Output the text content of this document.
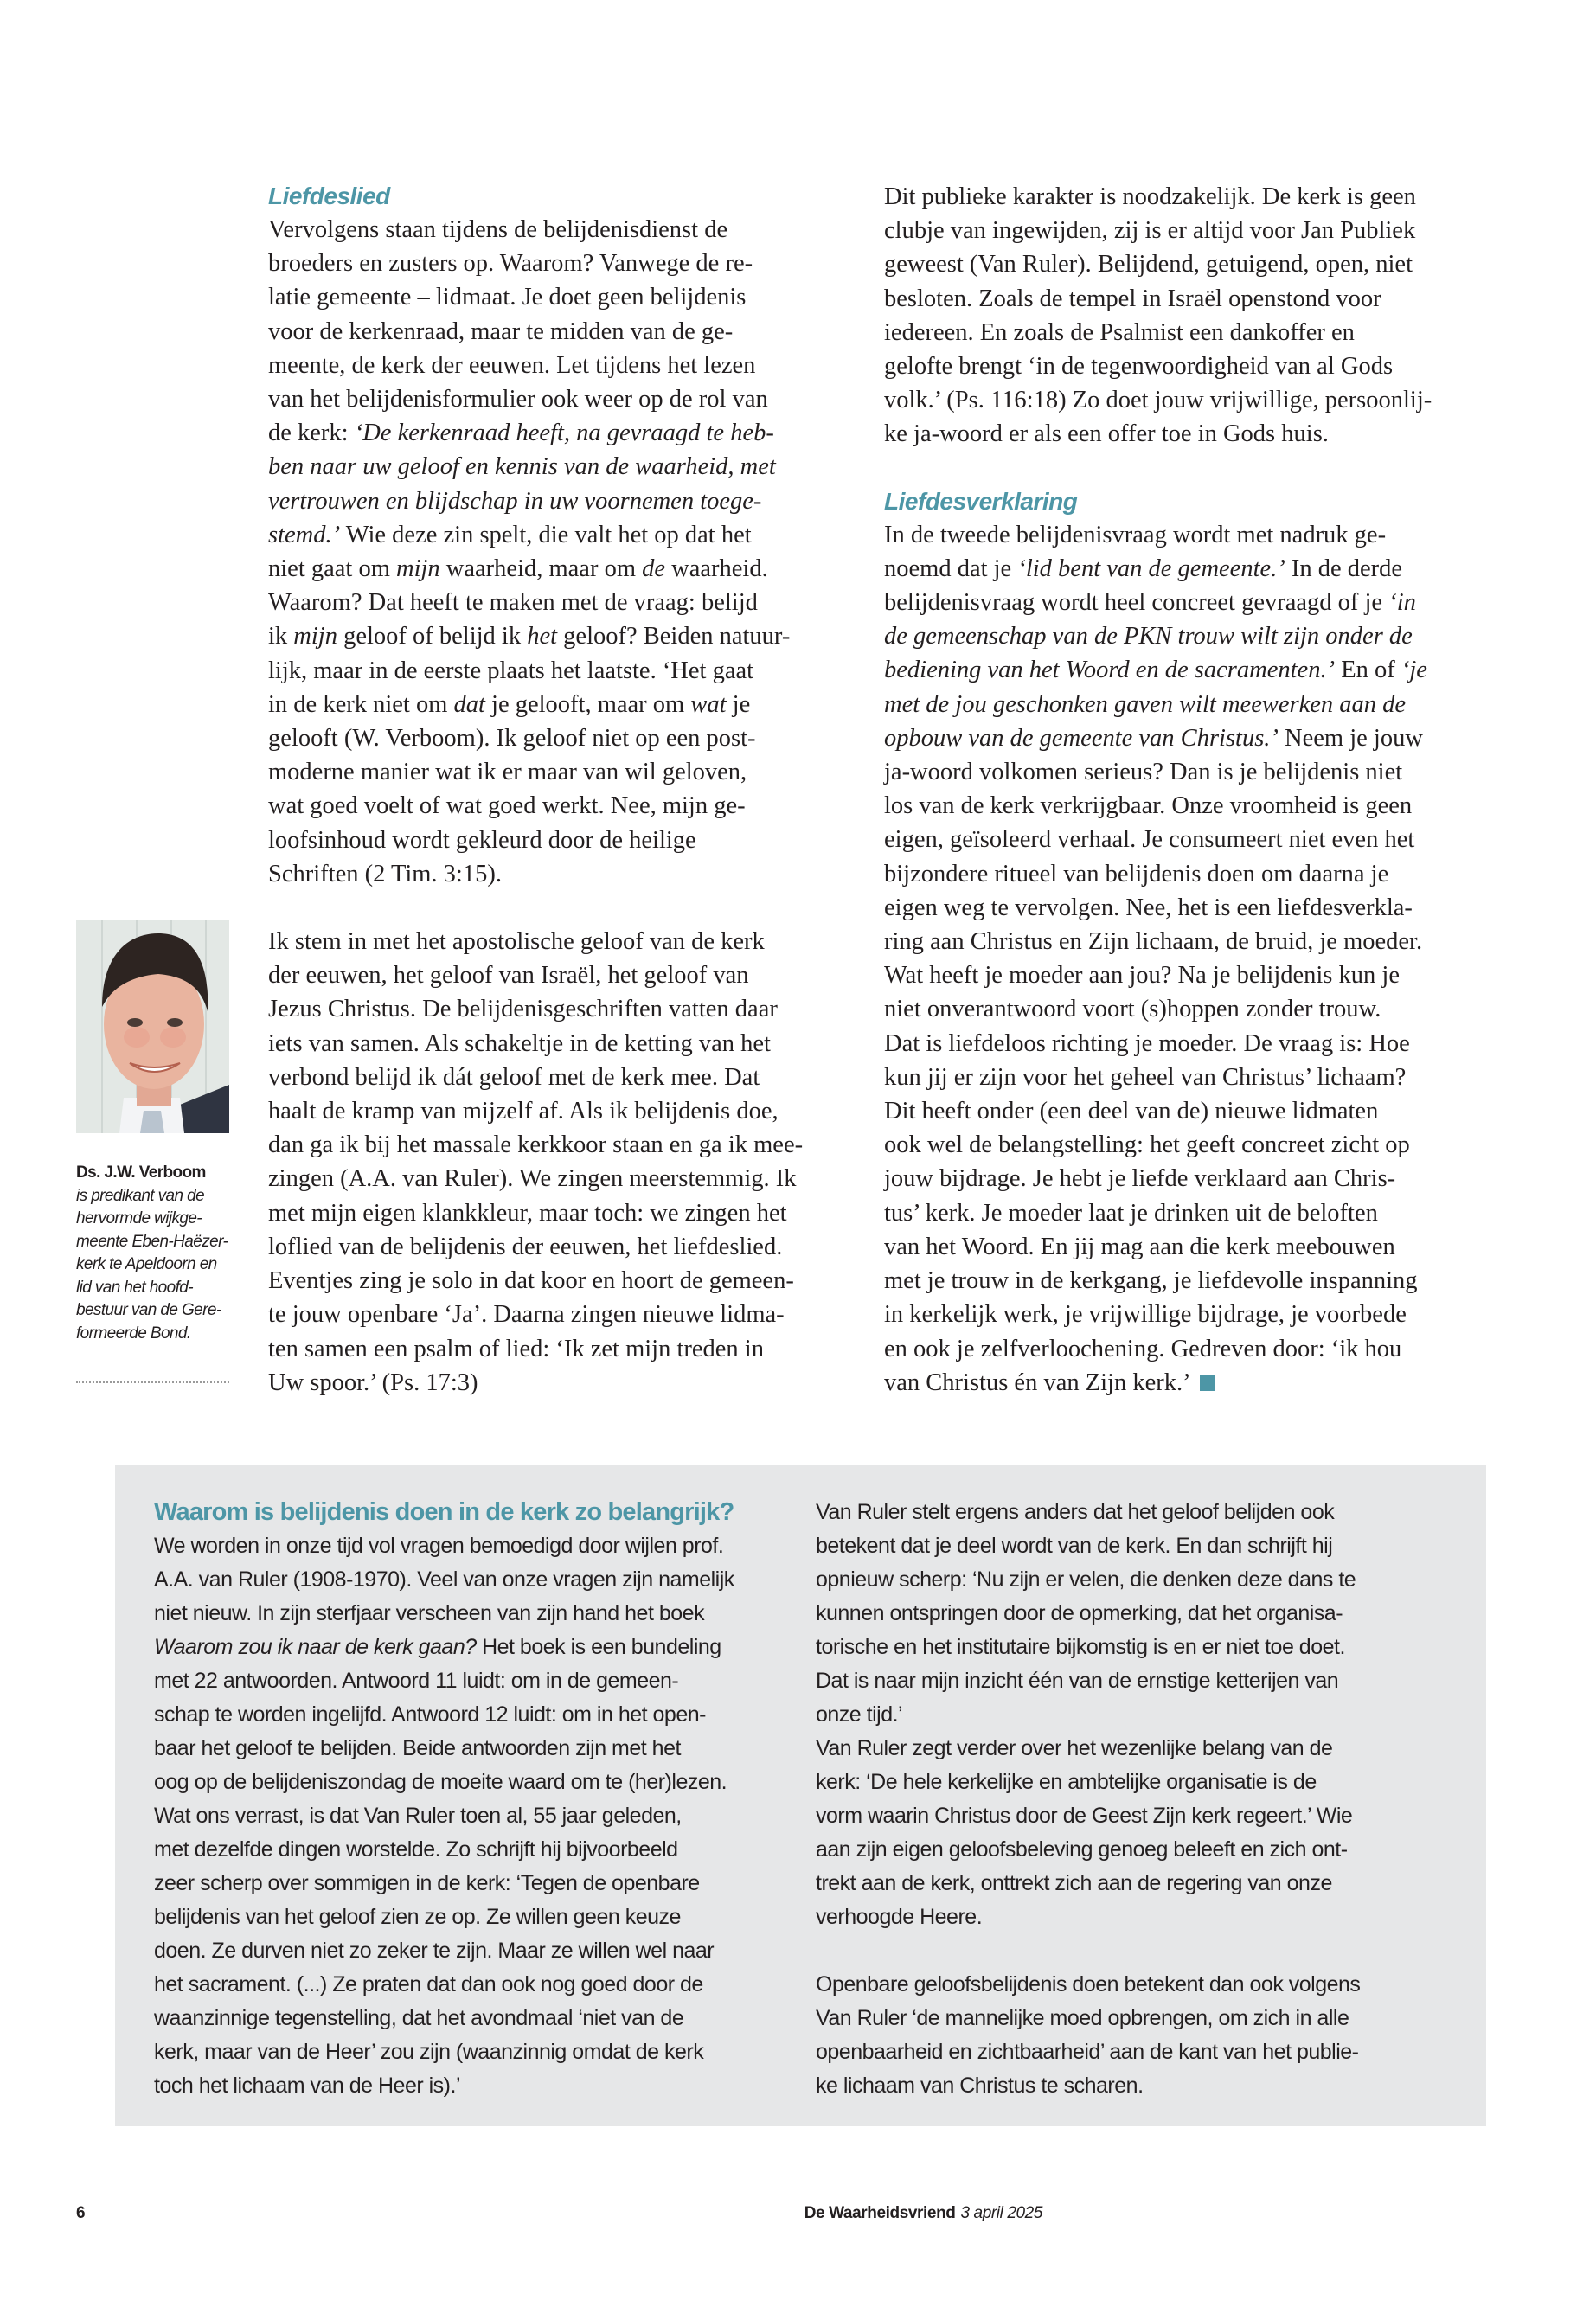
Liefdeslied

Vervolgens staan tijdens de belijdenisdienst de
broeders en zusters op. Waarom? Vanwege de re-
latie gemeente – lidmaat. Je doet geen belijdenis
voor de kerkenraad, maar te midden van de ge-
meente, de kerk der eeuwen. Let tijdens het lezen
van het belijdenisformulier ook weer op de rol van
de kerk: ‘De kerkenraad heeft, na gevraagd te heb-
ben naar uw geloof en kennis van de waarheid, met
vertrouwen en blijdschap in uw voornemen toege-
stemd.’ Wie deze zin spelt, die valt het op dat het
niet gaat om mijn waarheid, maar om de waarheid.
Waarom? Dat heeft te maken met de vraag: belijd
ik mijn geloof of belijd ik het geloof? Beiden natuur-
lijk, maar in de eerste plaats het laatste. ‘Het gaat
in de kerk niet om dat je gelooft, maar om wat je
gelooft (W. Verboom). Ik geloof niet op een post-
moderne manier wat ik er maar van wil geloven,
wat goed voelt of wat goed werkt. Nee, mijn ge-
loofsinhoud wordt gekleurd door de heilige
Schriften (2 Tim. 3:15).

Ik stem in met het apostolische geloof van de kerk
der eeuwen, het geloof van Israël, het geloof van
Jezus Christus. De belijdenisgeschriften vatten daar
iets van samen. Als schakeltje in de ketting van het
verbond belijd ik dát geloof met de kerk mee. Dat
haalt de kramp van mijzelf af. Als ik belijdenis doe,
dan ga ik bij het massale kerkkoor staan en ga ik mee-
zingen (A.A. van Ruler). We zingen meerstemmig. Ik
met mijn eigen klankkleur, maar toch: we zingen het
loflied van de belijdenis der eeuwen, het liefdeslied.
Eventjes zing je solo in dat koor en hoort de gemeen-
te jouw openbare ‘Ja’. Daarna zingen nieuwe lidma-
ten samen een psalm of lied: ‘Ik zet mijn treden in
Uw spoor.’ (Ps. 17:3)

Dit publieke karakter is noodzakelijk. De kerk is geen
clubje van ingewijden, zij is er altijd voor Jan Publiek
geweest (Van Ruler). Belijdend, getuigend, open, niet
besloten. Zoals de tempel in Israël openstond voor
iedereen. En zoals de Psalmist een dankoffer en
gelofte brengt ‘in de tegenwoordigheid van al Gods
volk.’ (Ps. 116:18) Zo doet jouw vrijwillige, persoonlij-
ke ja-woord er als een offer toe in Gods huis.

Liefdesverklaring

In de tweede belijdenisvraag wordt met nadruk ge-
noemd dat je ‘lid bent van de gemeente.’ In de derde
belijdenisvraag wordt heel concreet gevraagd of je ‘in
de gemeenschap van de PKN trouw wilt zijn onder de
bediening van het Woord en de sacramenten.’ En of ‘je
met de jou geschonken gaven wilt meewerken aan de
opbouw van de gemeente van Christus.’ Neem je jouw
ja-woord volkomen serieus? Dan is je belijdenis niet
los van de kerk verkrijgbaar. Onze vroomheid is geen
eigen, geïsoleerd verhaal. Je consumeert niet even het
bijzondere ritueel van belijdenis doen om daarna je
eigen weg te vervolgen. Nee, het is een liefdesverkla-
ring aan Christus en Zijn lichaam, de bruid, je moeder.
Wat heeft je moeder aan jou? Na je belijdenis kun je
niet onverantwoord voort (s)hoppen zonder trouw.
Dat is liefdeloos richting je moeder. De vraag is: Hoe
kun jij er zijn voor het geheel van Christus’ lichaam?
Dit heeft onder (een deel van de) nieuwe lidmaten
ook wel de belangstelling: het geeft concreet zicht op
jouw bijdrage. Je hebt je liefde verklaard aan Chris-
tus’ kerk. Je moeder laat je drinken uit de beloften
van het Woord. En jij mag aan die kerk meebouwen
met je trouw in de kerkgang, je liefdevolle inspanning
in kerkelijk werk, je vrijwillige bijdrage, je voorbede
en ook je zelfverloochening. Gedreven door: ‘ik hou
van Christus én van Zijn kerk.’

Ds. J.W. Verboom
is predikant van de
hervormde wijkge-
meente Eben-Haëzer-
kerk te Apeldoorn en
lid van het hoofd-
bestuur van de Gere-
formeerde Bond.
Waarom is belijdenis doen in de kerk zo belangrijk?

We worden in onze tijd vol vragen bemoedigd door wijlen prof.
A.A. van Ruler (1908-1970). Veel van onze vragen zijn namelijk
niet nieuw. In zijn sterfjaar verscheen van zijn hand het boek
Waarom zou ik naar de kerk gaan? Het boek is een bundeling
met 22 antwoorden. Antwoord 11 luidt: om in de gemeen-
schap te worden ingelijfd. Antwoord 12 luidt: om in het open-
baar het geloof te belijden. Beide antwoorden zijn met het
oog op de belijdeniszondag de moeite waard om te (her)lezen.
Wat ons verrast, is dat Van Ruler toen al, 55 jaar geleden,
met dezelfde dingen worstelde. Zo schrijft hij bijvoorbeeld
zeer scherp over sommigen in de kerk: ‘Tegen de openbare
belijdenis van het geloof zien ze op. Ze willen geen keuze
doen. Ze durven niet zo zeker te zijn. Maar ze willen wel naar
het sacrament. (...) Ze praten dat dan ook nog goed door de
waanzinnige tegenstelling, dat het avondmaal ‘niet van de
kerk, maar van de Heer’ zou zijn (waanzinnig omdat de kerk
toch het lichaam van de Heer is).’

Van Ruler stelt ergens anders dat het geloof belijden ook
betekent dat je deel wordt van de kerk. En dan schrijft hij
opnieuw scherp: ‘Nu zijn er velen, die denken deze dans te
kunnen ontspringen door de opmerking, dat het organisa-
torische en het institutaire bijkomstig is en er niet toe doet.
Dat is naar mijn inzicht één van de ernstige ketterijen van
onze tijd.’
Van Ruler zegt verder over het wezenlijke belang van de
kerk: ‘De hele kerkelijke en ambtelijke organisatie is de
vorm waarin Christus door de Geest Zijn kerk regeert.’ Wie
aan zijn eigen geloofsbeleving genoeg beleeft en zich ont-
trekt aan de kerk, onttrekt zich aan de regering van onze
verhoogde Heere.

Openbare geloofsbelijdenis doen betekent dan ook volgens
Van Ruler ‘de mannelijke moed opbrengen, om zich in alle
openbaarheid en zichtbaarheid’ aan de kant van het publie-
ke lichaam van Christus te scharen.

6	De Waarheidsvriend 3 april 2025
